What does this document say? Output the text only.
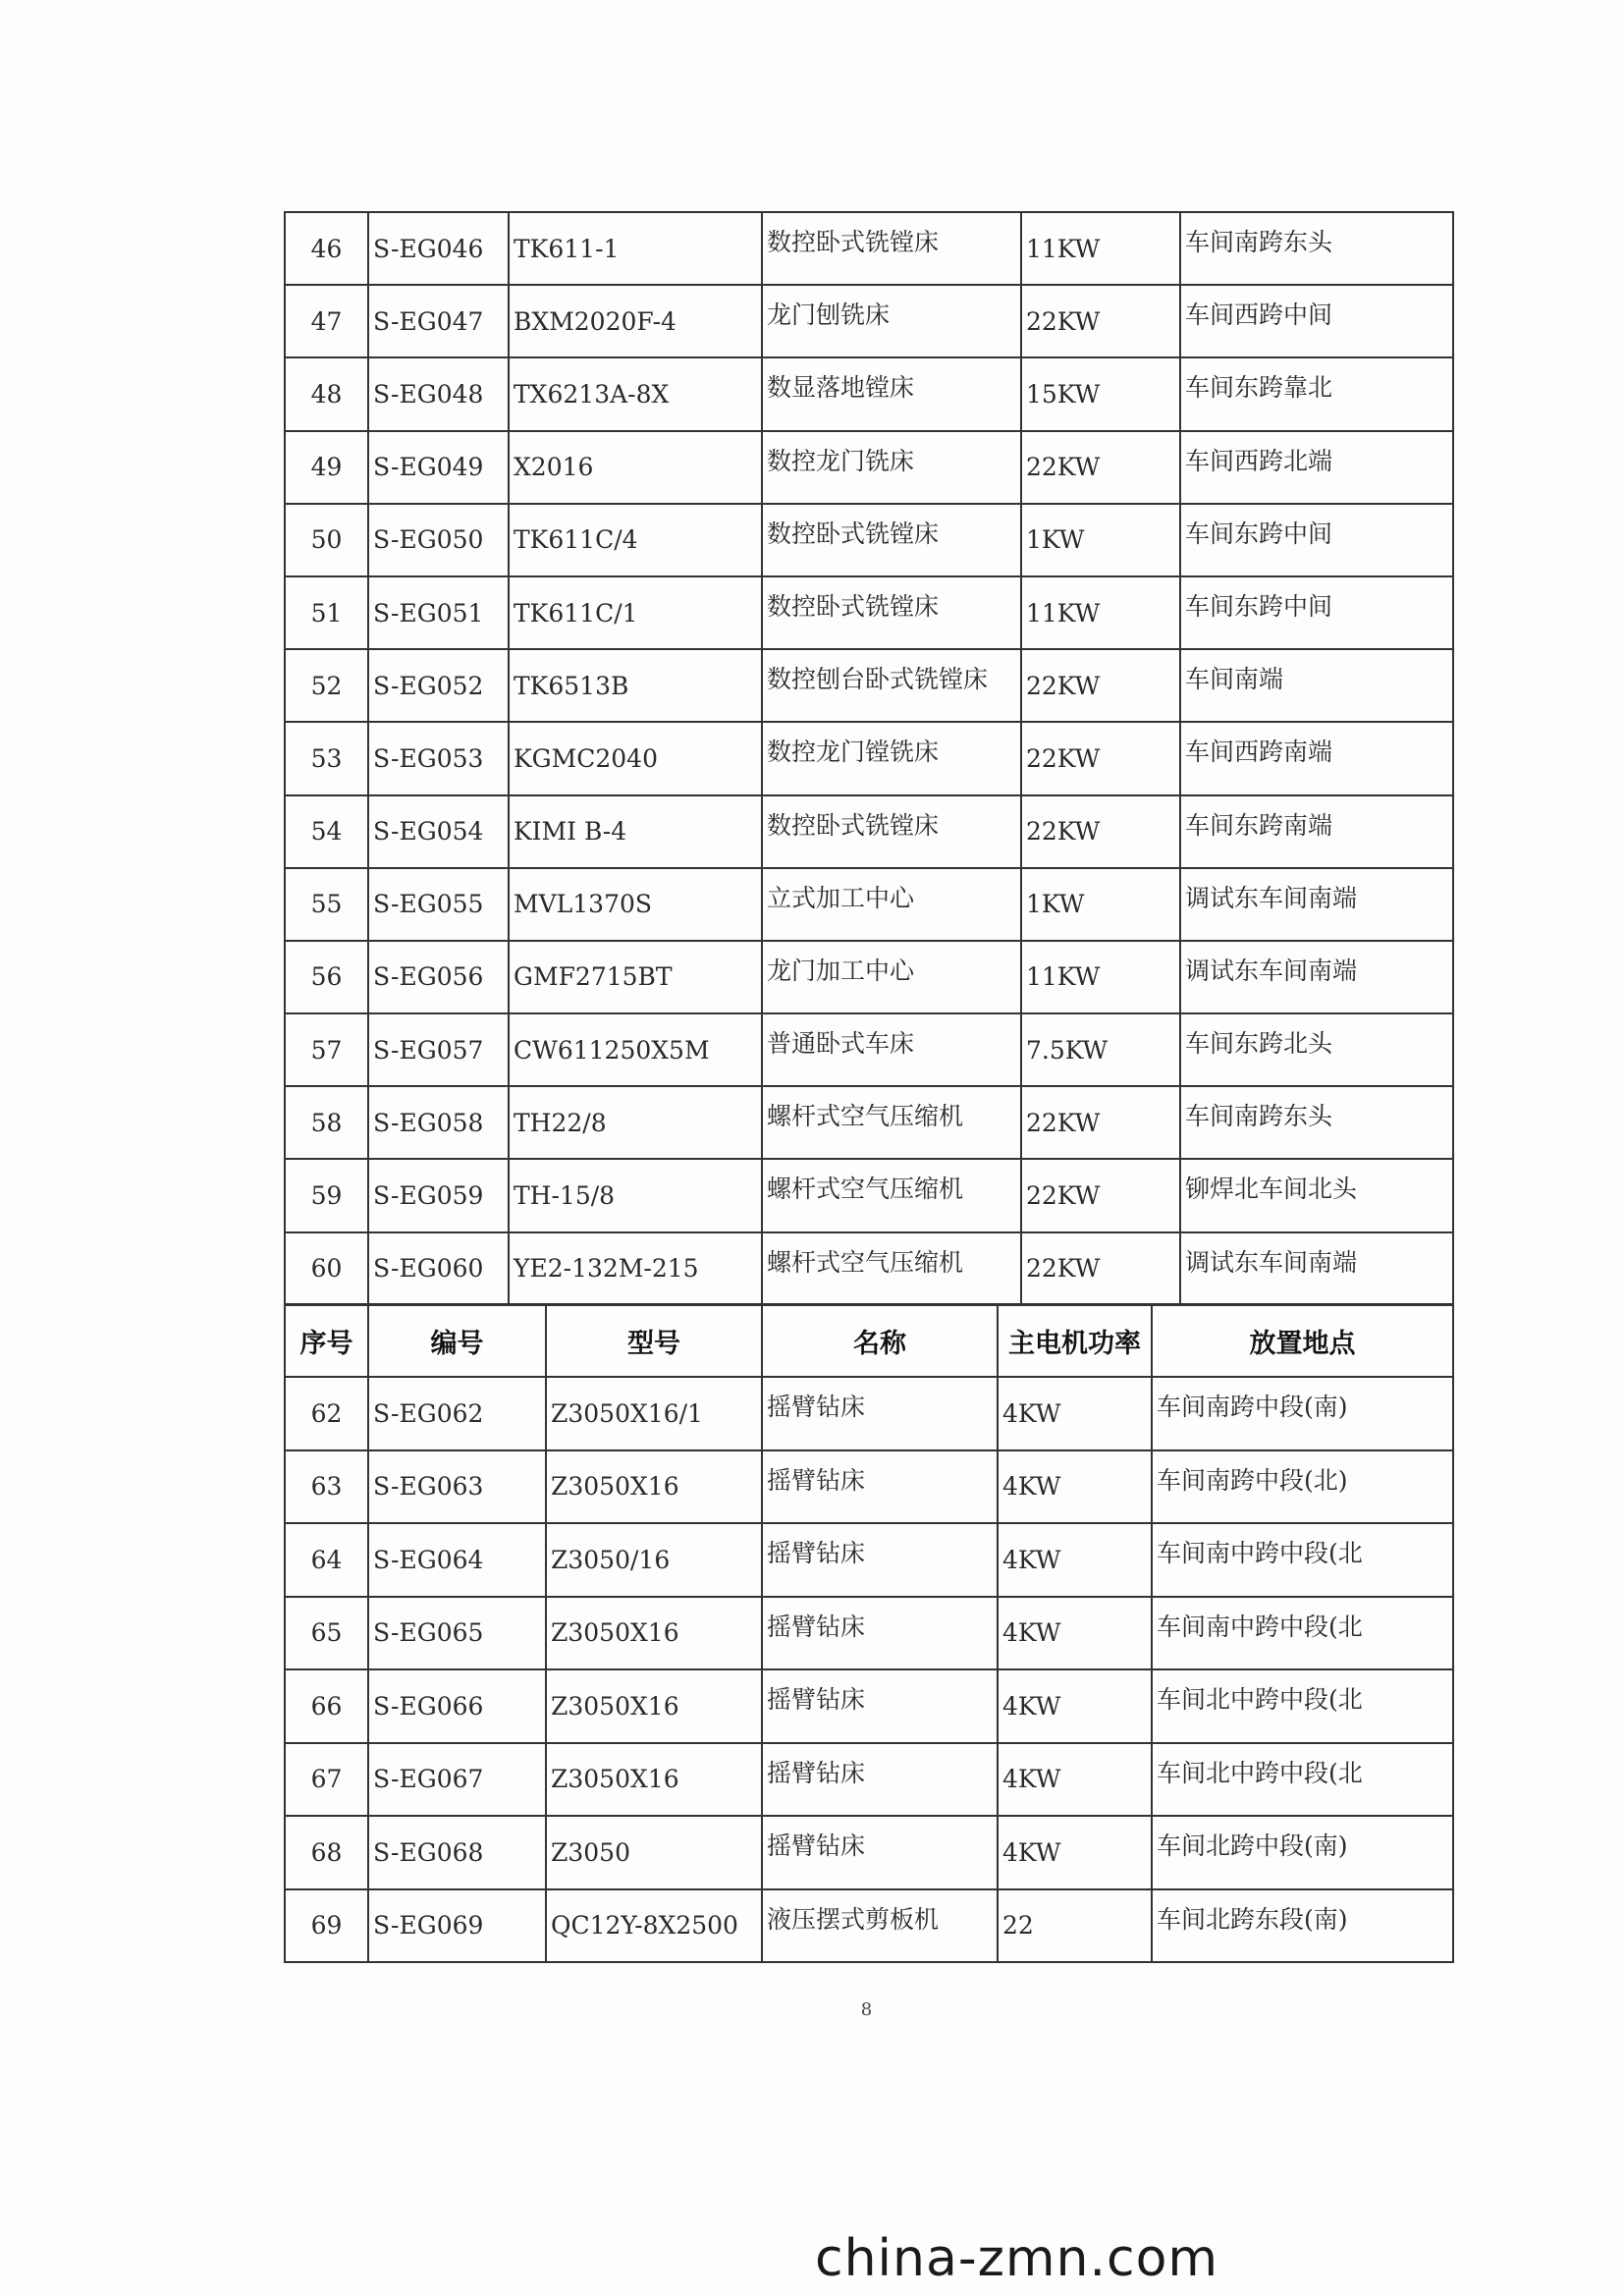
46	S-EG046	TK611-1	数控卧式铣镗床	11KW	车间南跨东头
47	S-EG047	BXM2020F-4	龙门刨铣床	22KW	车间西跨中间
48	S-EG048	TX6213A-8X	数显落地镗床	15KW	车间东跨靠北
49	S-EG049	X2016	数控龙门铣床	22KW	车间西跨北端
50	S-EG050	TK611C/4	数控卧式铣镗床	1KW	车间东跨中间
51	S-EG051	TK611C/1	数控卧式铣镗床	11KW	车间东跨中间
52	S-EG052	TK6513B	数控刨台卧式铣镗床	22KW	车间南端
53	S-EG053	KGMC2040	数控龙门镗铣床	22KW	车间西跨南端
54	S-EG054	KIMI B-4	数控卧式铣镗床	22KW	车间东跨南端
55	S-EG055	MVL1370S	立式加工中心	1KW	调试东车间南端
56	S-EG056	GMF2715BT	龙门加工中心	11KW	调试东车间南端
57	S-EG057	CW611250X5M	普通卧式车床	7.5KW	车间东跨北头
58	S-EG058	TH22/8	螺杆式空气压缩机	22KW	车间南跨东头
59	S-EG059	TH-15/8	螺杆式空气压缩机	22KW	铆焊北车间北头
60	S-EG060	YE2-132M-215	螺杆式空气压缩机	22KW	调试东车间南端
序号	编号	型号	名称	主电机功率	放置地点
62	S-EG062	Z3050X16/1	摇臂钻床	4KW	车间南跨中段(南)
63	S-EG063	Z3050X16	摇臂钻床	4KW	车间南跨中段(北)
64	S-EG064	Z3050/16	摇臂钻床	4KW	车间南中跨中段(北
65	S-EG065	Z3050X16	摇臂钻床	4KW	车间南中跨中段(北
66	S-EG066	Z3050X16	摇臂钻床	4KW	车间北中跨中段(北
67	S-EG067	Z3050X16	摇臂钻床	4KW	车间北中跨中段(北
68	S-EG068	Z3050	摇臂钻床	4KW	车间北跨中段(南)
69	S-EG069	QC12Y-8X2500	液压摆式剪板机	22	车间北跨东段(南)
8
china-zmn.com
